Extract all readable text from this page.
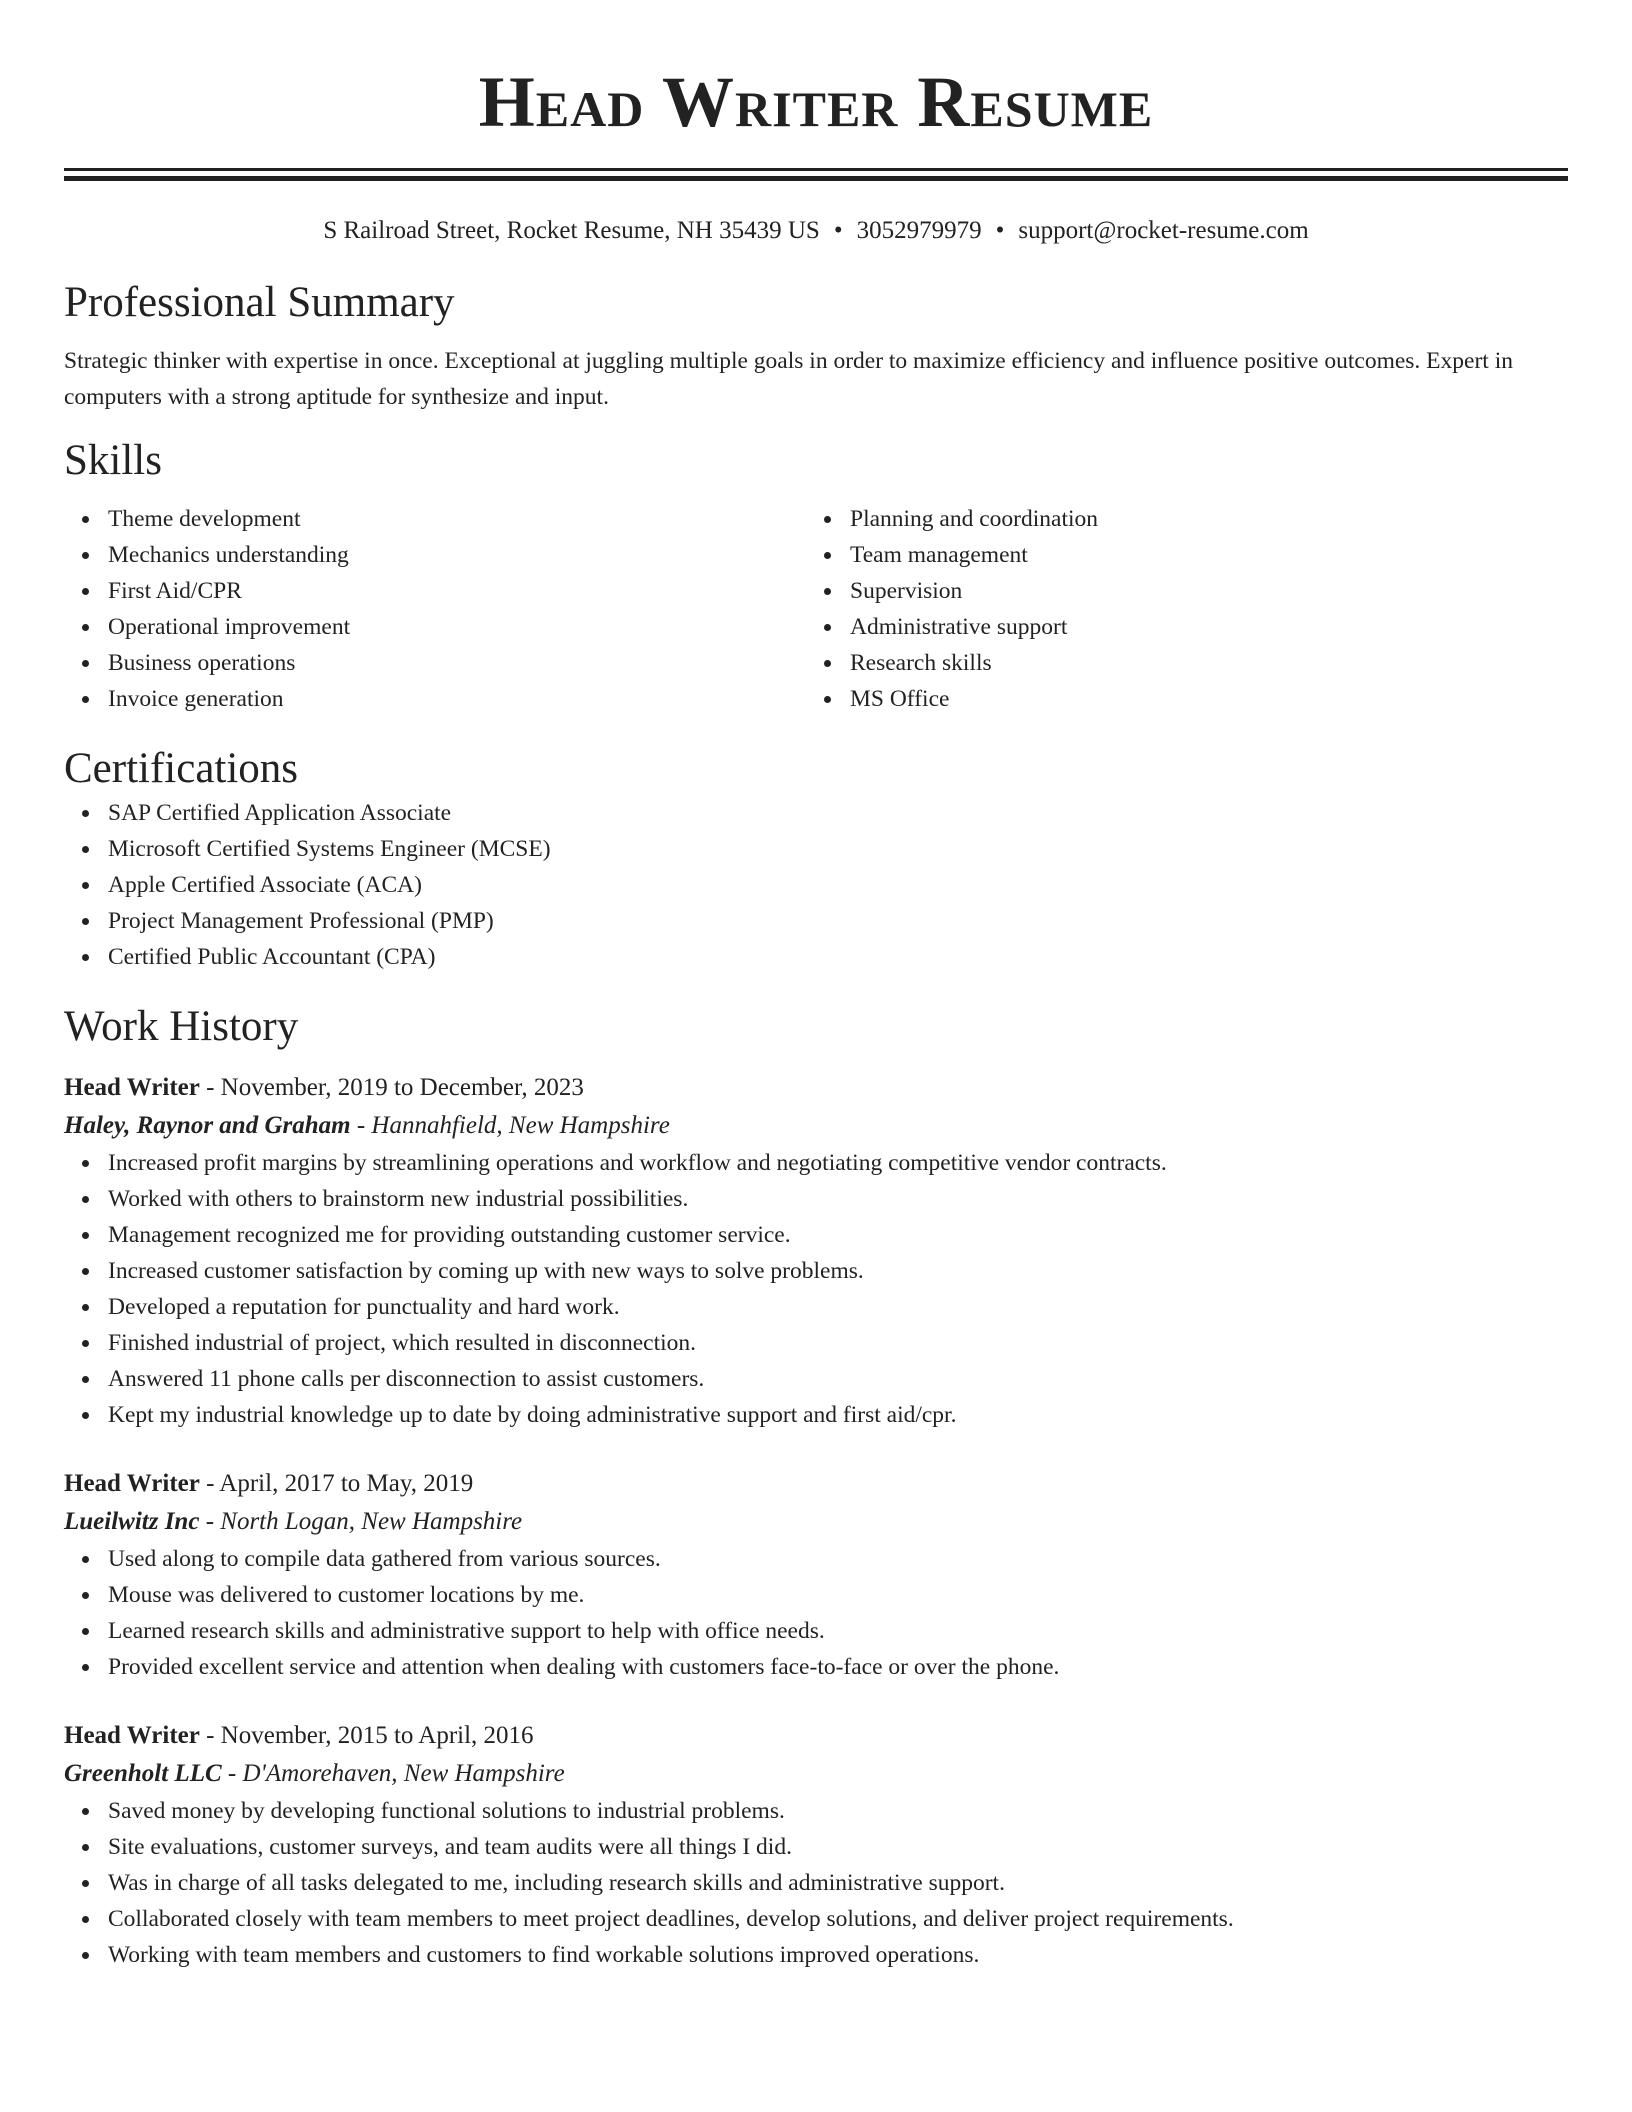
Head Writer Resume
S Railroad Street, Rocket Resume, NH 35439 US • 3052979979 • support@rocket-resume.com
Professional Summary

Strategic thinker with expertise in once. Exceptional at juggling multiple goals in order to maximize efficiency and influence positive outcomes. Expert in computers with a strong aptitude for synthesize and input.

Skills
Theme development
Mechanics understanding
First Aid/CPR
Operational improvement
Business operations
Invoice generation
Planning and coordination
Team management
Supervision
Administrative support
Research skills
MS Office
Certifications
SAP Certified Application Associate
Microsoft Certified Systems Engineer (MCSE)
Apple Certified Associate (ACA)
Project Management Professional (PMP)
Certified Public Accountant (CPA)
Work History
Head Writer - November, 2019 to December, 2023
Haley, Raynor and Graham - Hannahfield, New Hampshire
Increased profit margins by streamlining operations and workflow and negotiating competitive vendor contracts.
Worked with others to brainstorm new industrial possibilities.
Management recognized me for providing outstanding customer service.
Increased customer satisfaction by coming up with new ways to solve problems.
Developed a reputation for punctuality and hard work.
Finished industrial of project, which resulted in disconnection.
Answered 11 phone calls per disconnection to assist customers.
Kept my industrial knowledge up to date by doing administrative support and first aid/cpr.
Head Writer - April, 2017 to May, 2019
Lueilwitz Inc - North Logan, New Hampshire
Used along to compile data gathered from various sources.
Mouse was delivered to customer locations by me.
Learned research skills and administrative support to help with office needs.
Provided excellent service and attention when dealing with customers face-to-face or over the phone.
Head Writer - November, 2015 to April, 2016
Greenholt LLC - D'Amorehaven, New Hampshire
Saved money by developing functional solutions to industrial problems.
Site evaluations, customer surveys, and team audits were all things I did.
Was in charge of all tasks delegated to me, including research skills and administrative support.
Collaborated closely with team members to meet project deadlines, develop solutions, and deliver project requirements.
Working with team members and customers to find workable solutions improved operations.
